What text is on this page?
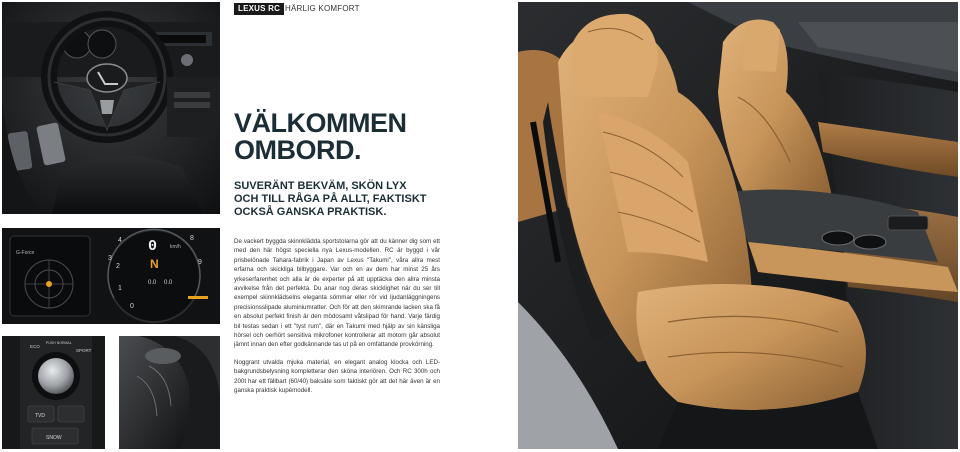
LEXUS RC HÄRLIG KOMFORT
G-Force
0
1
2
3
4	8
9
0	km/h
N
0.0 0.0
ECO
PUSH NORMAL
SPORT
TVD
SNOW
VÄLKOMMEN
OMBORD.
SUVERÄNT BEKVÄM, SKÖN LYX
OCH TILL RÅGA PÅ ALLT, FAKTISKT
OCKSÅ GANSKA PRAKTISK.

De vackert byggda skinnklädda sportstolarna gör att du känner dig som ett med den här högst speciella nya Lexus-modellen. RC är byggd i vår prisbelönade Tahara-fabrik i Japan av Lexus "Takumi", våra allra mest erfarna och skickliga bilbyggare. Var och en av dem har minst 25 års yrkeserfarenhet och alla är de experter på att upptäcka den allra minsta avvikelse från det perfekta. Du anar nog deras skicklighet när du ser till exempel skinnklädselns eleganta sömmar eller rör vid ljudanläggningens precisionsslipade aluminiumratter. Och för att den skimrande lacken ska få en absolut perfekt finish är den mödosamt våtslipad för hand. Varje färdig bil testas sedan i ett "tyst rum", där en Takumi med hjälp av sin känsliga hörsel och oerhört sensitiva mikrofoner kontrollerar att motorn går absolut jämnt innan den efter godkännande tas ut på en omfattande provkörning.

Noggrant utvalda mjuka material, en elegant analog klocka och LED-bakgrundsbelysning kompletterar den sköna interiören. Och RC 300h och 200t har ett fällbart (60/40) baksäte som faktiskt gör att det här även är en ganska praktisk kupémodell.
